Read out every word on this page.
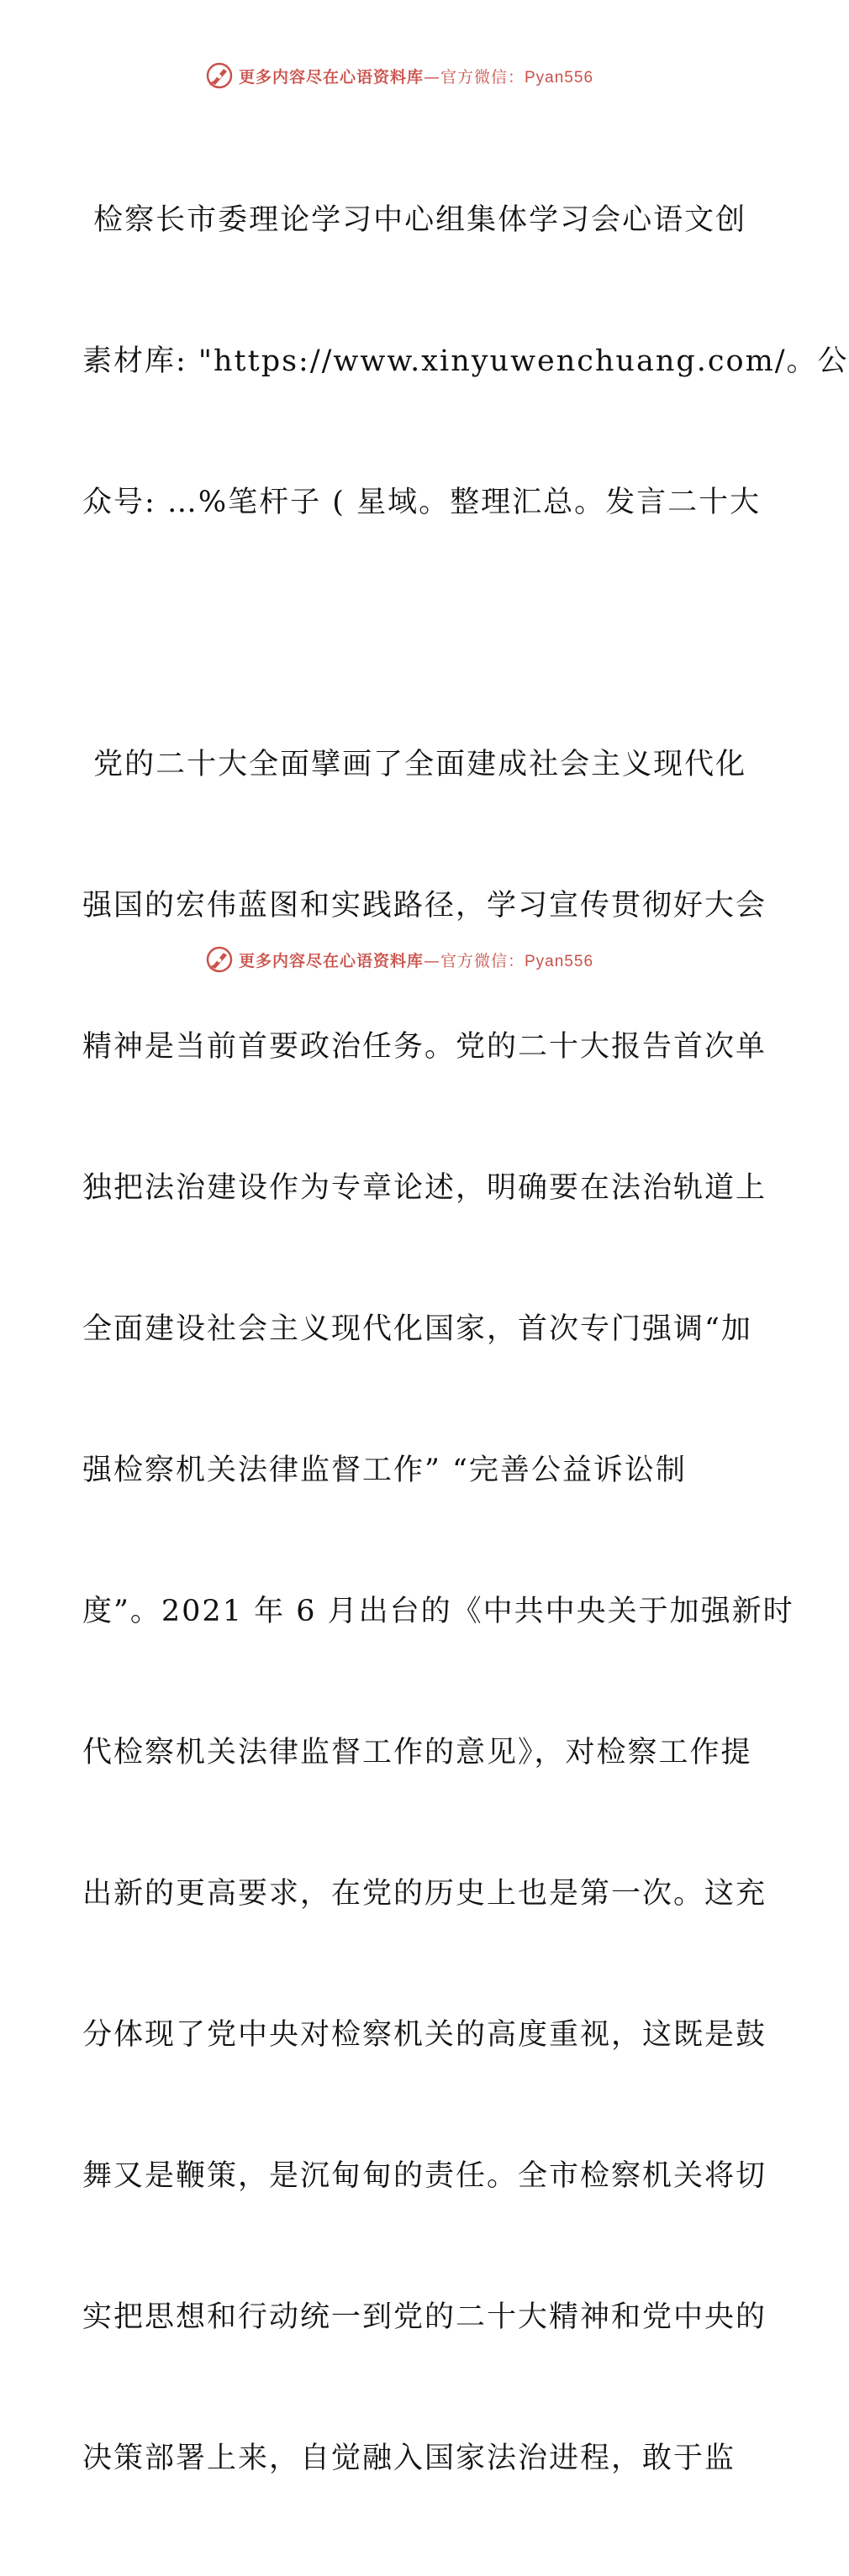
更多内容尽在心语资料库—官方微信：Pyan556

检察长市委理论学习中心组集体学习会心语文创

素材库: "https://www.xinyuwenchuang.com/。公

众号: …%笔杆子 ( 星域。整理汇总。发言二十大

党的二十大全面擘画了全面建成社会主义现代化

强国的宏伟蓝图和实践路径，学习宣传贯彻好大会

精神是当前首要政治任务。党的二十大报告首次单

独把法治建设作为专章论述，明确要在法治轨道上

全面建设社会主义现代化国家，首次专门强调“加

强检察机关法律监督工作” “完善公益诉讼制

度”。2021 年 6 月出台的《中共中央关于加强新时

代检察机关法律监督工作的意见》，对检察工作提

出新的更高要求，在党的历史上也是第一次。这充

分体现了党中央对检察机关的高度重视，这既是鼓

舞又是鞭策，是沉甸甸的责任。全市检察机关将切

实把思想和行动统一到党的二十大精神和党中央的

决策部署上来，自觉融入国家法治进程，敢于监

更多内容尽在心语资料库—官方微信：Pyan556
